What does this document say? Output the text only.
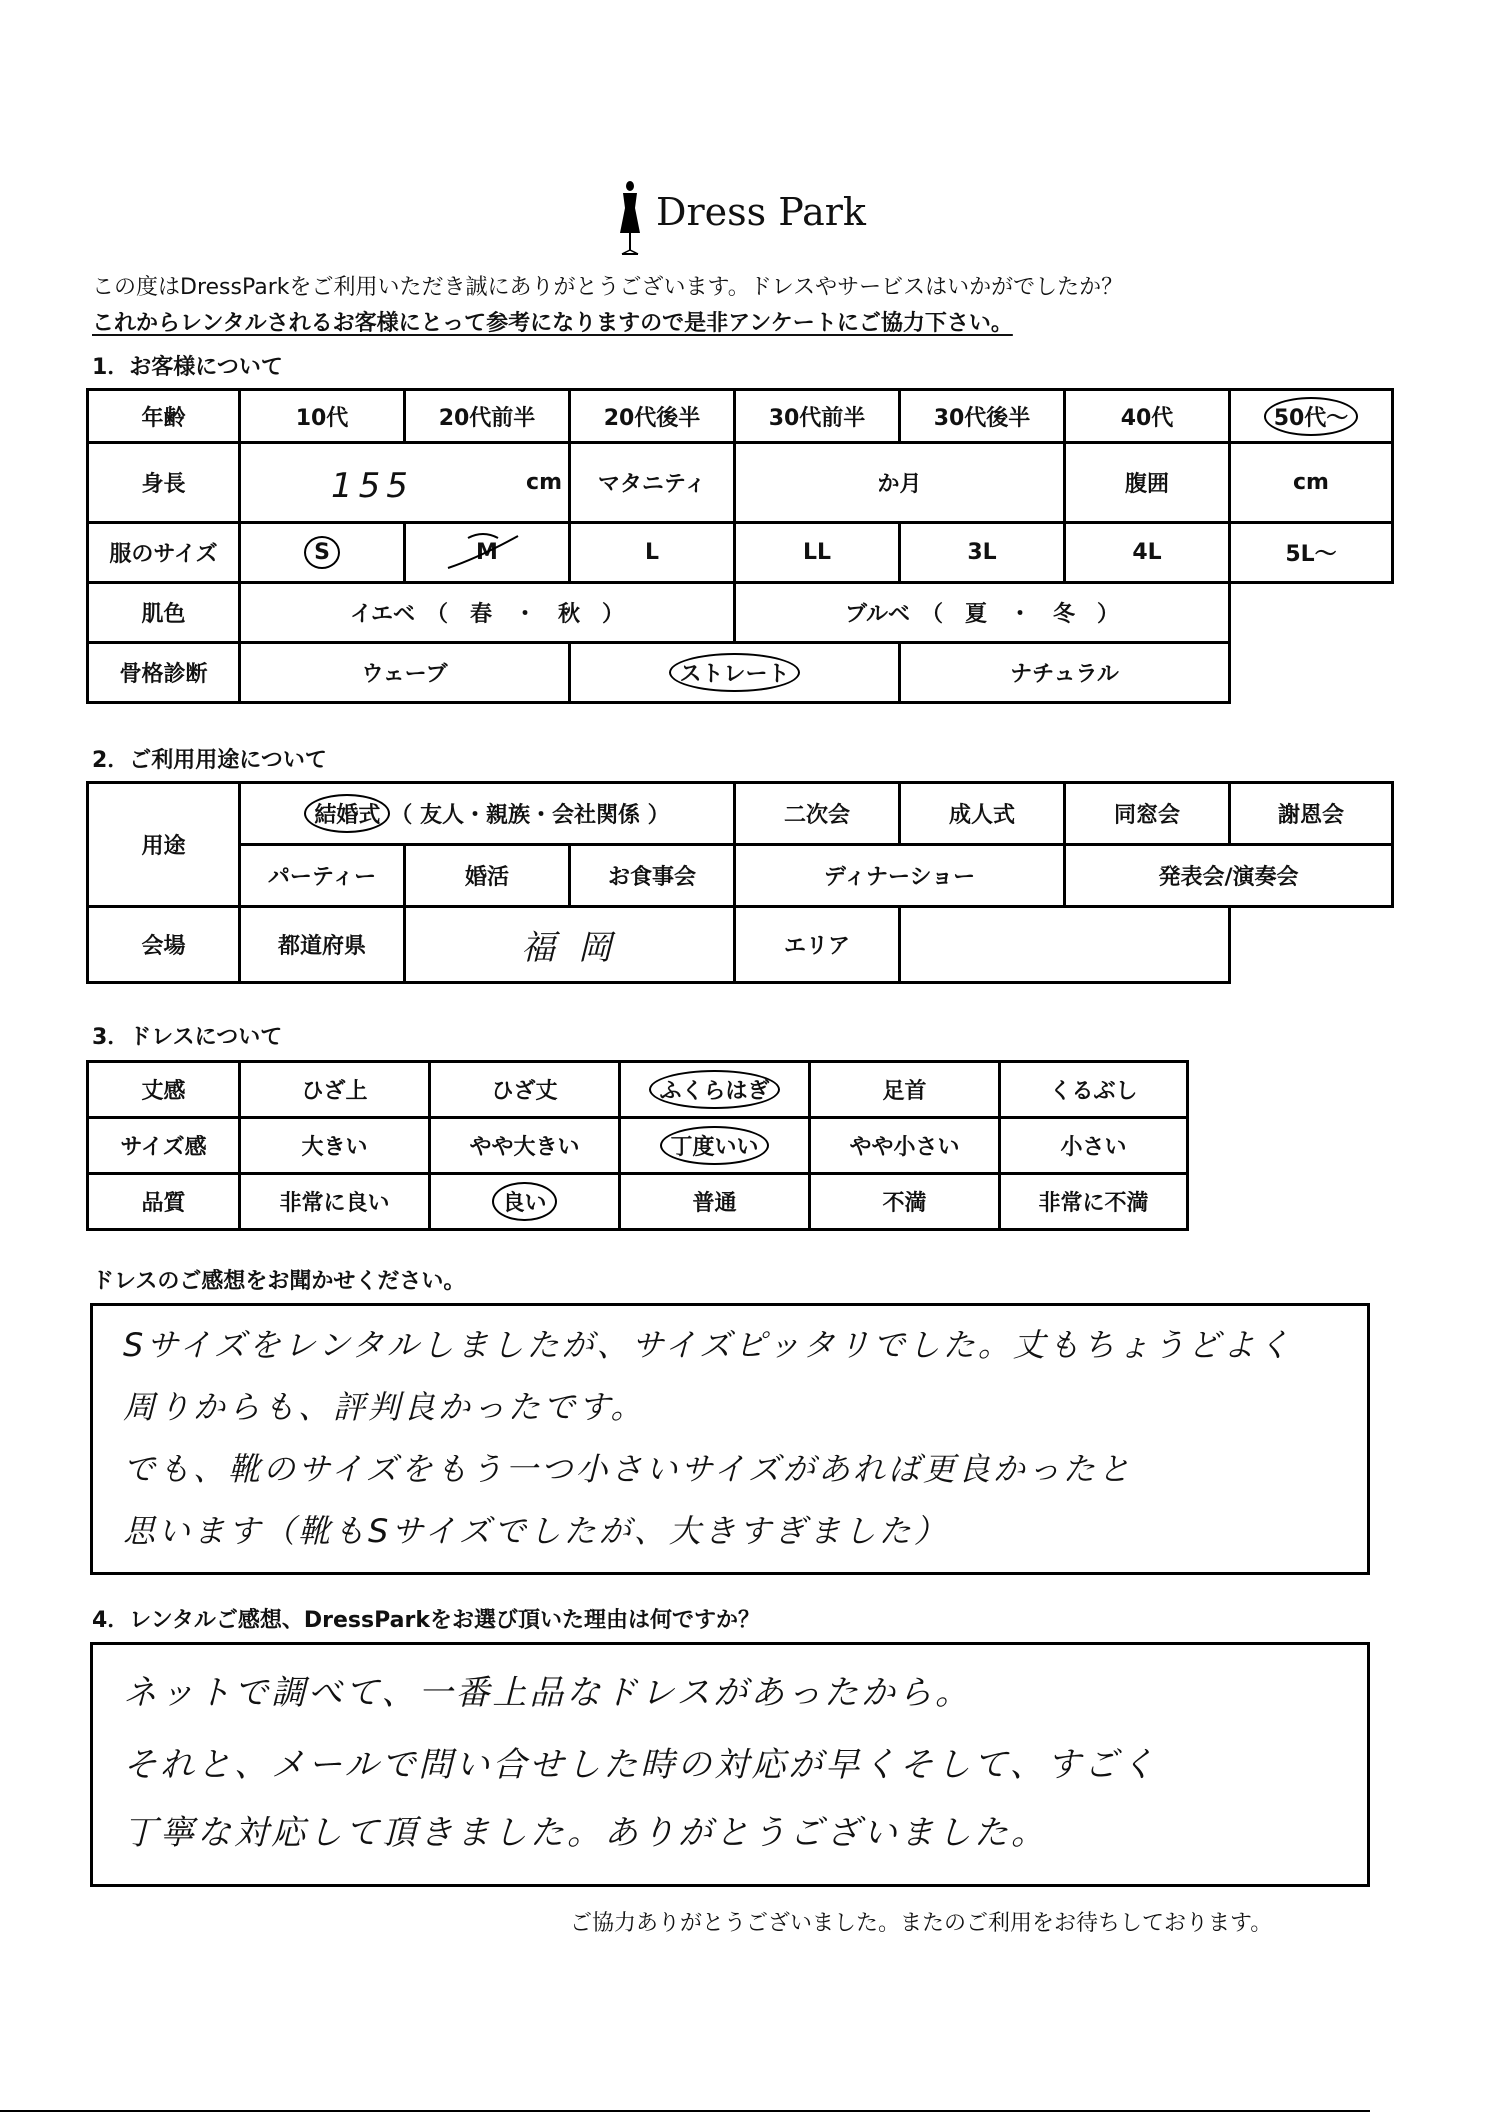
Dress Park
この度はDressParkをご利用いただき誠にありがとうございます。ドレスやサービスはいかがでしたか？
これからレンタルされるお客様にとって参考になりますので是非アンケートにご協力下さい。
1．お客様について
年齢	10代	20代前半	20代後半	30代前半	30代後半	40代	50代～
身長	155 cm		マタニティ	か月		腹囲	cm
服のサイズ	S	M	L	LL	3L	4L	5L～
肌色	イエベ　（　春　・　秋　）			ブルベ　（　夏　・　冬　）			
骨格診断	ウェーブ		ストレート		ナチュラル		
2．ご利用用途について
用途	結婚式 （ 友人・親族・会社関係 ）			二次会	成人式	同窓会	謝恩会
	パーティー	婚活	お食事会	ディナーショー		発表会/演奏会	
会場	都道府県	福 岡		エリア			
3．ドレスについて
丈感	ひざ上	ひざ丈	ふくらはぎ	足首	くるぶし
サイズ感	大きい	やや大きい	丁度いい	やや小さい	小さい
品質	非常に良い	良い	普通	不満	非常に不満
ドレスのご感想をお聞かせください。

Sサイズをレンタルしましたが、サイズピッタリでした。丈もちょうどよく

周りからも、評判良かったです。

でも、靴のサイズをもう一つ小さいサイズがあれば更良かったと

思います（靴もSサイズでしたが、大きすぎました）

4．レンタルご感想、DressParkをお選び頂いた理由は何ですか？

ネットで調べて、一番上品なドレスがあったから。

それと、メールで問い合せした時の対応が早くそして、すごく

丁寧な対応して頂きました。ありがとうございました。

ご協力ありがとうございました。またのご利用をお待ちしております。
